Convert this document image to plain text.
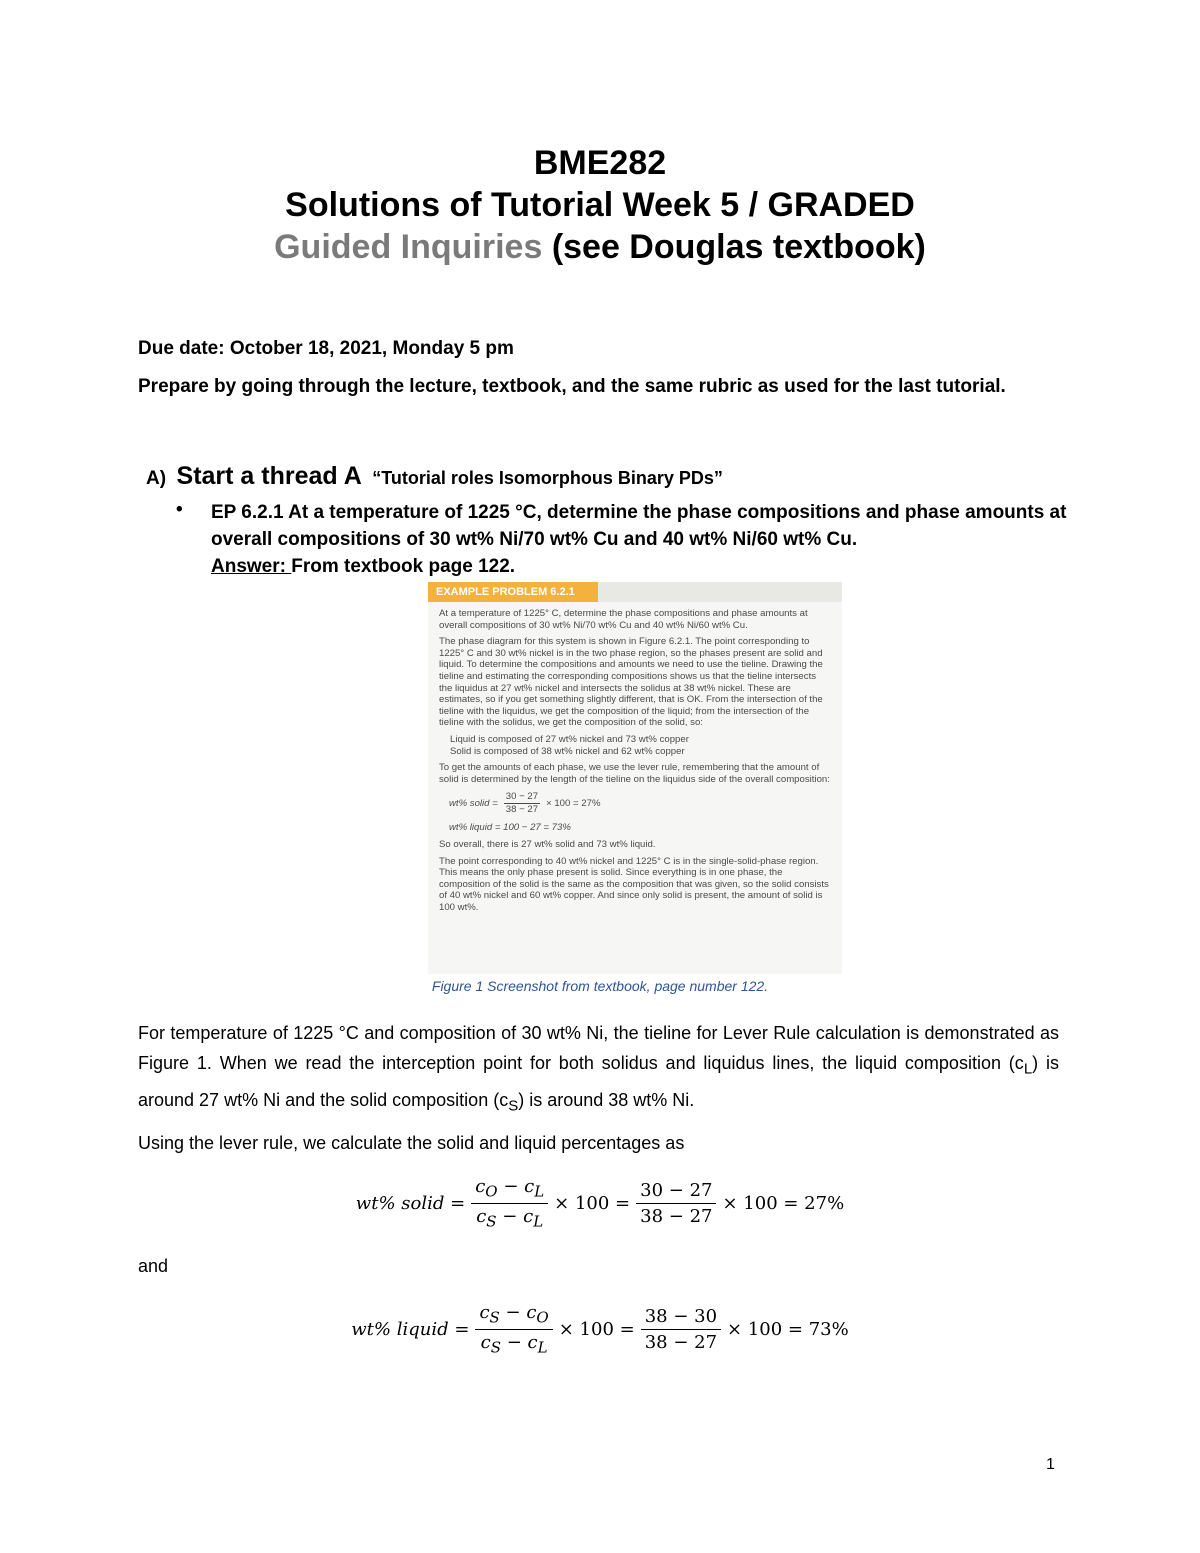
BME282
Solutions of Tutorial Week 5 / GRADED
Guided Inquiries (see Douglas textbook)
Due date: October 18, 2021, Monday 5 pm
Prepare by going through the lecture, textbook, and the same rubric as used for the last tutorial.
A) Start a thread A “Tutorial roles Isomorphous Binary PDs”
• EP 6.2.1 At a temperature of 1225 °C, determine the phase compositions and phase amounts at overall compositions of 30 wt% Ni/70 wt% Cu and 40 wt% Ni/60 wt% Cu.
Answer: From textbook page 122.
EXAMPLE PROBLEM 6.2.1

At a temperature of 1225° C, determine the phase compositions and phase amounts at overall compositions of 30 wt% Ni/70 wt% Cu and 40 wt% Ni/60 wt% Cu.

The phase diagram for this system is shown in Figure 6.2.1. The point corresponding to 1225° C and 30 wt% nickel is in the two phase region, so the phases present are solid and liquid. To determine the compositions and amounts we need to use the tieline. Drawing the tieline and estimating the corresponding compositions shows us that the tieline intersects the liquidus at 27 wt% nickel and intersects the solidus at 38 wt% nickel. These are estimates, so if you get something slightly different, that is OK. From the intersection of the tieline with the liquidus, we get the composition of the liquid; from the intersection of the tieline with the solidus, we get the composition of the solid, so:

Liquid is composed of 27 wt% nickel and 73 wt% copper
Solid is composed of 38 wt% nickel and 62 wt% copper

To get the amounts of each phase, we use the lever rule, remembering that the amount of solid is determined by the length of the tieline on the liquidus side of the overall composition:

wt% solid = $\frac{30 - 27}{38 - 27} \times 100 = 27\%$
wt% liquid = 100 − 27 = 73%

So overall, there is 27 wt% solid and 73 wt% liquid.

The point corresponding to 40 wt% nickel and 1225° C is in the single-solid-phase region. This means the only phase present is solid. Since everything is in one phase, the composition of the solid is the same as the composition that was given, so the solid consists of 40 wt% nickel and 60 wt% copper. And since only solid is present, the amount of solid is 100 wt%.

Figure 1 Screenshot from textbook, page number 122.
For temperature of 1225 °C and composition of 30 wt% Ni, the tieline for Lever Rule calculation is demonstrated as Figure 1. When we read the interception point for both solidus and liquidus lines, the liquid composition $(c_L)$ is around 27 wt% Ni and the solid composition $(c_S)$ is around 38 wt% Ni.
Using the lever rule, we calculate the solid and liquid percentages as
wt% solid = $\frac{c_O - c_L}{c_S - c_L} \times 100 = \frac{30 - 27}{38 - 27} \times 100 = 27\%$
and
wt% liquid = $\frac{c_S - c_O}{c_S - c_L} \times 100 = \frac{38 - 30}{38 - 27} \times 100 = 73\%$
1
